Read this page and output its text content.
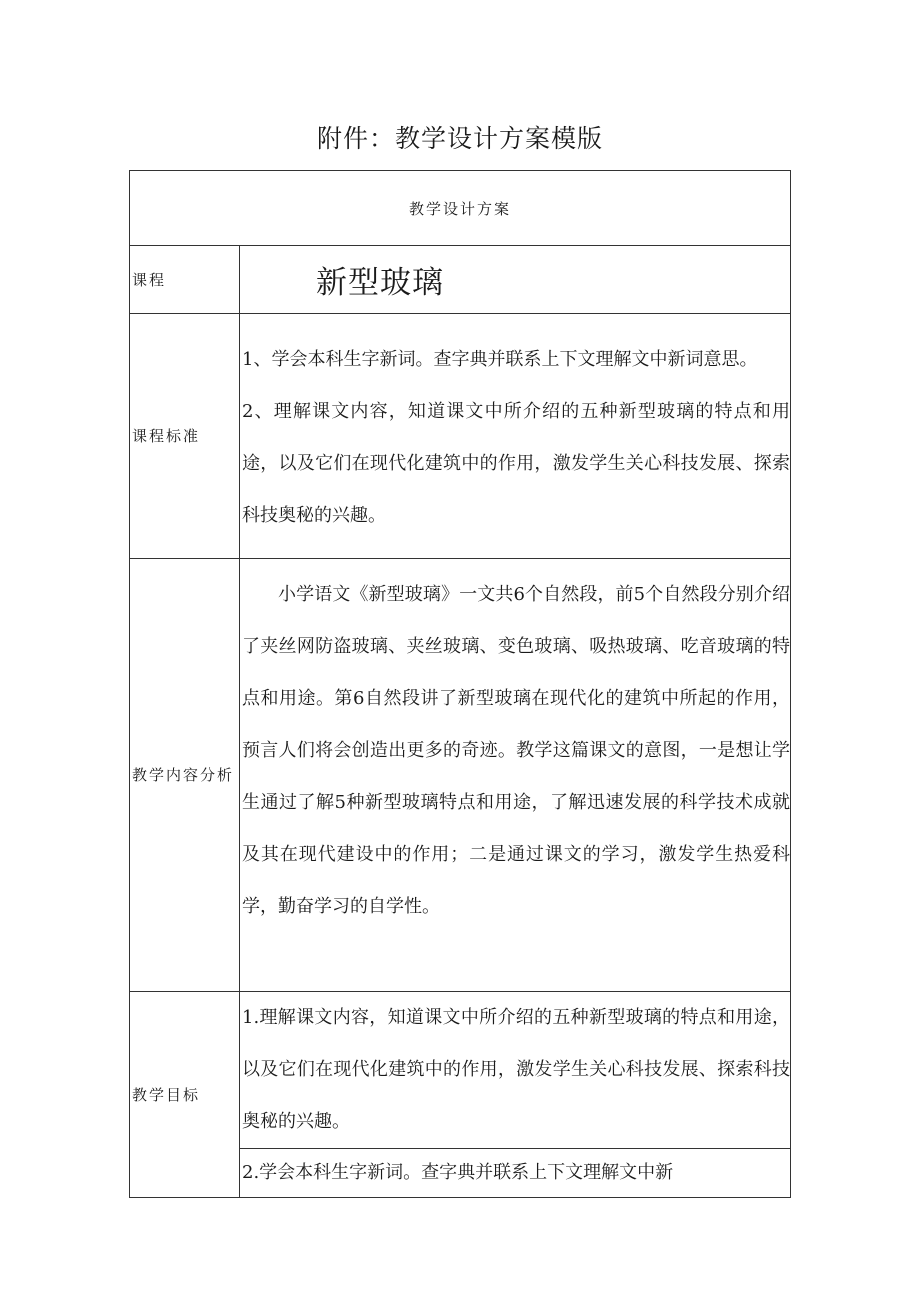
附件：教学设计方案模版
教学设计方案	
课程	新型玻璃
课程标准	1、学会本科生字新词。查字典并联系上下文理解文中新词意思。

2、理解课文内容，知道课文中所介绍的五种新型玻璃的特点和用途，以及它们在现代化建筑中的作用，激发学生关心科技发展、探索科技奥秘的兴趣。

教学内容分析	小学语文《新型玻璃》一文共6个自然段，前5个自然段分别介绍了夹丝网防盗玻璃、夹丝玻璃、变色玻璃、吸热玻璃、吃音玻璃的特点和用途。第6自然段讲了新型玻璃在现代化的建筑中所起的作用，预言人们将会创造出更多的奇迹。教学这篇课文的意图，一是想让学生通过了解5种新型玻璃特点和用途，了解迅速发展的科学技术成就及其在现代建设中的作用；二是通过课文的学习，激发学生热爱科学，勤奋学习的自学性。

教学目标	1.理解课文内容，知道课文中所介绍的五种新型玻璃的特点和用途，以及它们在现代化建筑中的作用，激发学生关心科技发展、探索科技奥秘的兴趣。

	2.学会本科生字新词。查字典并联系上下文理解文中新
